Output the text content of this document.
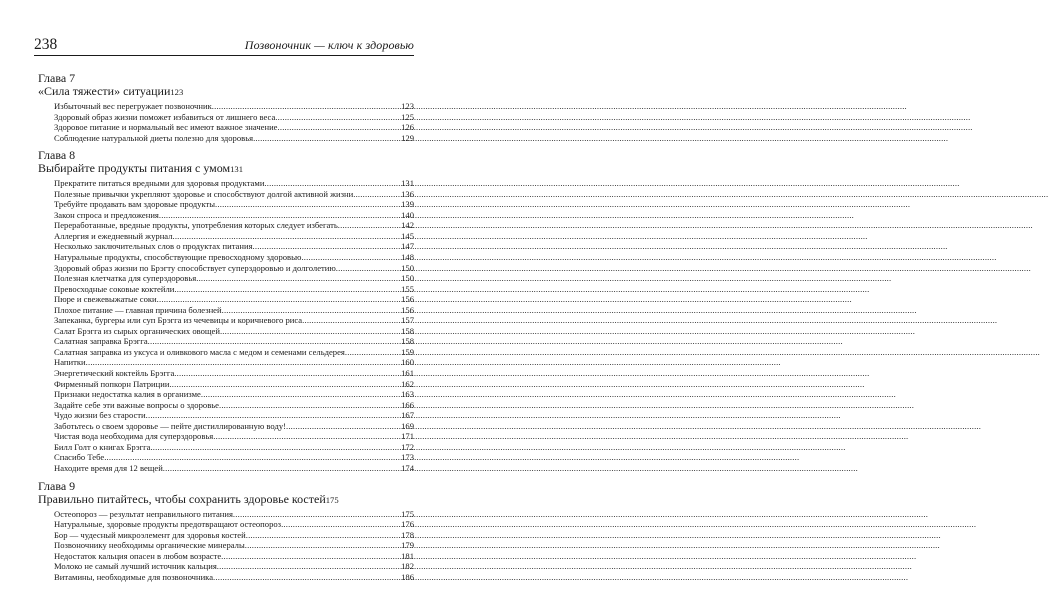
238	Позвоночник — ключ к здоровью
Глава 7
«Сила тяжести» ситуации 123
Избыточный вес перегружает позвоночник .....	123
Здоровый образ жизни поможет избавиться от лишнего веса .....	125
Здоровое питание и нормальный вес имеют важное значение .....	126
Соблюдение натуральной диеты полезно для здоровья .....	129
Глава 8
Выбирайте продукты питания с умом 131
Прекратите питаться вредными для здоровья продуктами .....	131
Полезные привычки укрепляют здоровье и способствуют долгой активной жизни .....	136
Требуйте продавать вам здоровые продукты .....	139
Закон спроса и предложения .....	140
Переработанные, вредные продукты, употребления которых следует избегать .....	142
Аллергия и ежедневный журнал .....	145
Несколько заключительных слов о продуктах питания .....	147
Натуральные продукты, способствующие превосходному здоровью .....	148
Здоровый образ жизни по Брэгту способствует суперздоровью и долголетию .....	150
Полезная клетчатка для суперздоровья .....	150
Превосходные соковые коктейли .....	155
Пюре и свежевыжатые соки .....	156
Плохое питание — главная причина болезней .....	156
Запеканка, бургеры или суп Брэгга из чечевицы и коричневого риса .....	157
Салат Брэгга из сырых органических овощей .....	158
Салатная заправка Брэгга .....	158
Салатная заправка из уксуса и оливкового масла с медом и семенами сельдерея .....	159
Напитки .....	160
Энергетический коктейль Брэгга .....	161
Фирменный попкорн Патриции .....	162
Признаки недостатка калия в организме .....	163
Задайте себе эти важные вопросы о здоровье .....	166
Чудо жизни без старости .....	167
Заботьтесь о своем здоровье — пейте дистиллированную воду! .....	169
Чистая вода необходима для суперздоровья .....	171
Билл Голт о книгах Брэгга .....	172
Спасибо Тебе .....	173
Находите время для 12 вещей .....	174
Глава 9
Правильно питайтесь, чтобы сохранить здоровье костей 175
Остеопороз — результат неправильного питания .....	175
Натуральные, здоровые продукты предотвращают остеопороз .....	176
Бор — чудесный микроэлемент для здоровья костей .....	178
Позвоночнику необходимы органические минералы .....	179
Недостаток кальция опасен в любом возрасте .....	181
Молоко не самый лучший источник кальция .....	182
Витамины, необходимые для позвоночника .....	186
